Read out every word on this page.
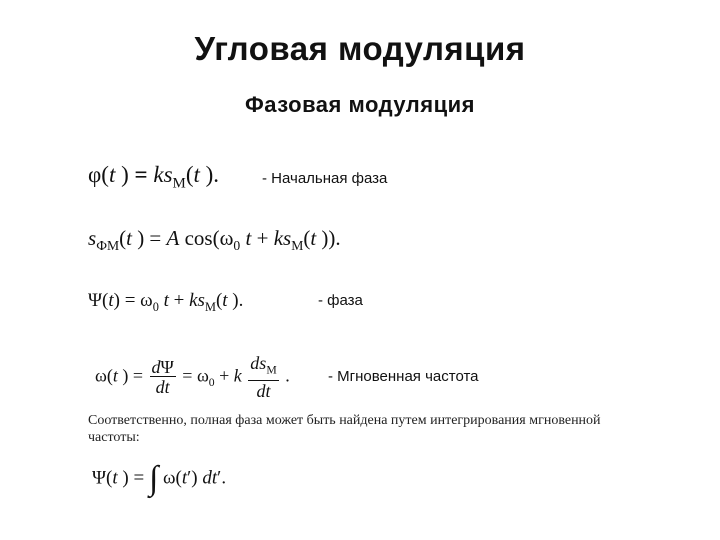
Угловая модуляция
Фазовая модуляция
φ(t ) = $ks_M(t$ ).	- Начальная фаза
$s_{ФМ}(t$ ) = A $\cos(\omega_0$ $t + ks_M(t$ )).
$\Psi(t) = \omega_0$ $t + ks_M(t$ ).	- фаза
ω(t ) = $\frac{d\Psi}{dt} = \omega_0 + k \frac{ds_M}{dt}$ .	- Мгновенная частота
Соответственно, полная фаза может быть найдена путем интегрирования мгновенной частоты:
Ψ(t ) = ∫ ω(t′) dt′.
